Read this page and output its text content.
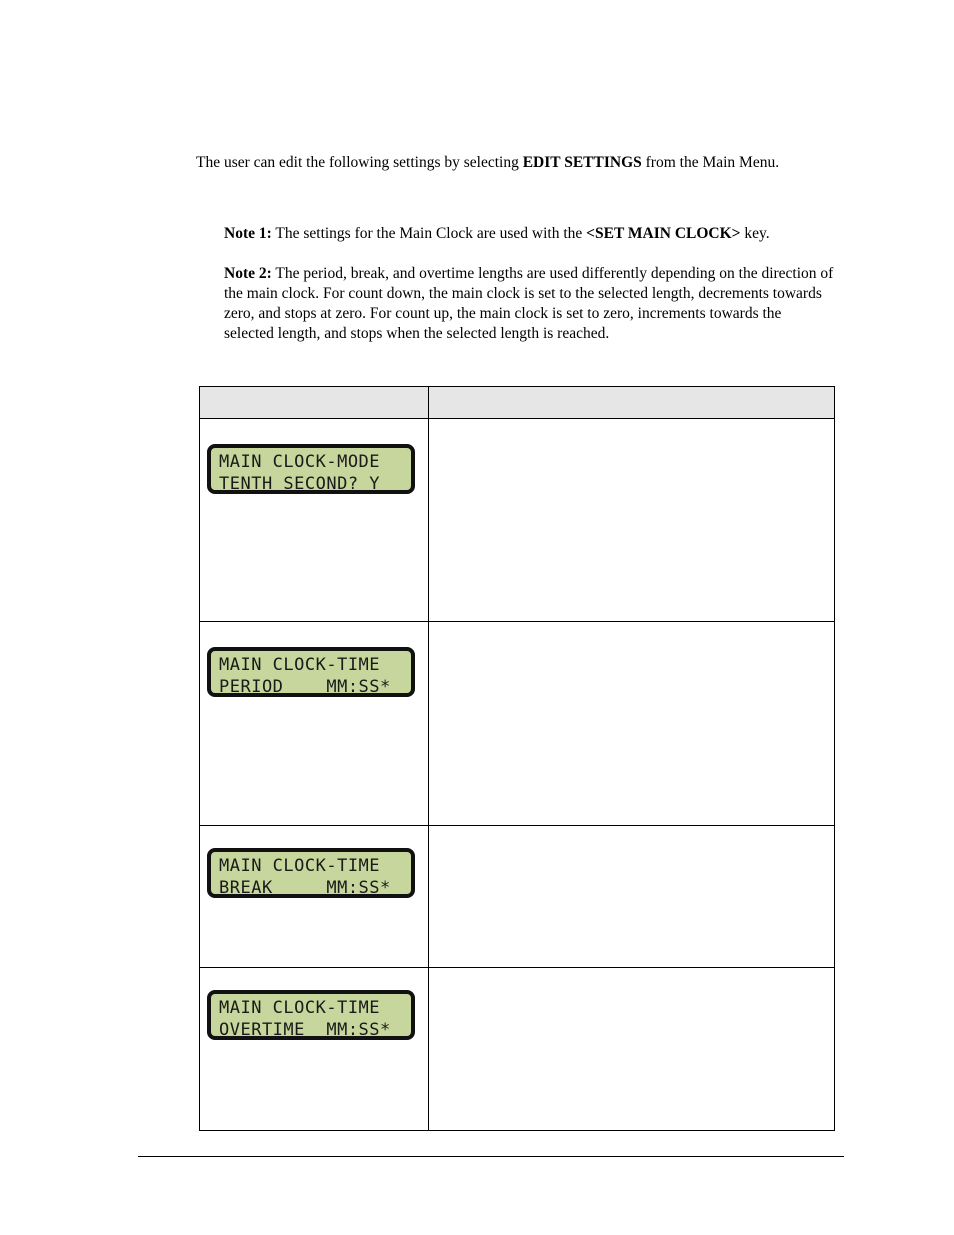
The user can edit the following settings by selecting EDIT SETTINGS from the Main Menu.

Note 1: The settings for the Main Clock are used with the <SET MAIN CLOCK> key.

Note 2: The period, break, and overtime lengths are used differently depending on the direction of the main clock. For count down, the main clock is set to the selected length, decrements towards zero, and stops at zero. For count up, the main clock is set to zero, increments towards the selected length, and stops when the selected length is reached.

MAIN CLOCK-MODE
TENTH SECOND? Y	

MAIN CLOCK-TIME
PERIOD    MM:SS*	

MAIN CLOCK-TIME
BREAK     MM:SS*	

MAIN CLOCK-TIME
OVERTIME  MM:SS*	
